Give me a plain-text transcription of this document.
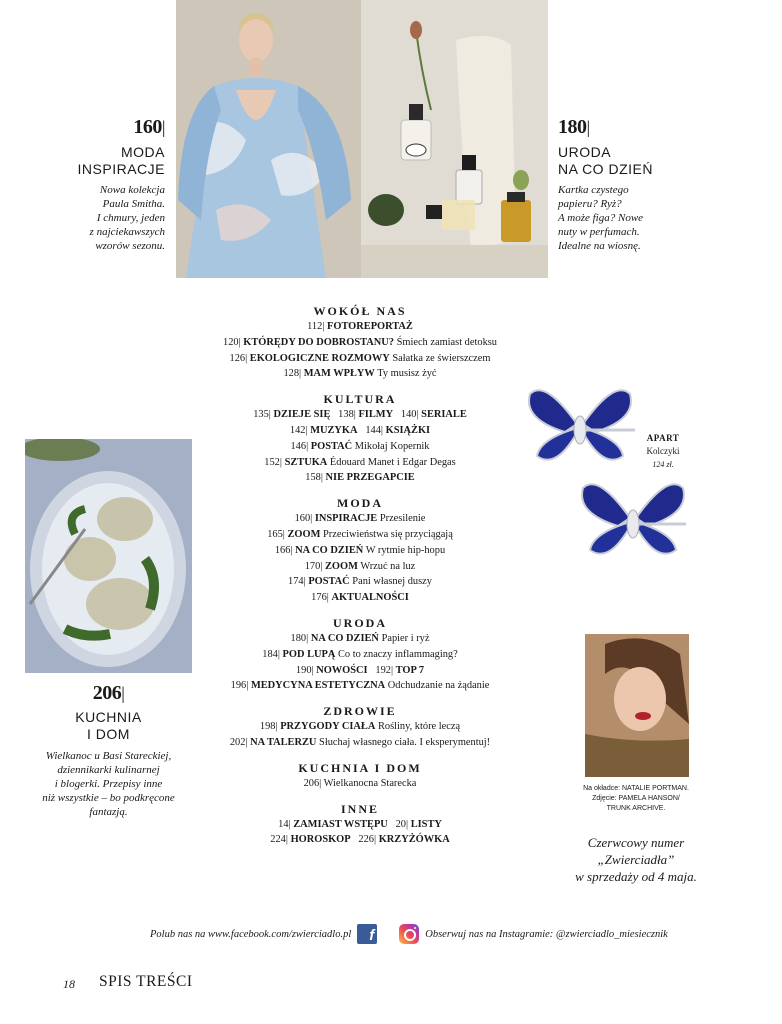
160|
MODA
INSPIRACJE
Nowa kolekcja
Paula Smitha.
I chmury, jeden
z najciekawszych
wzorów sezonu.
180|
URODA
NA CO DZIEŃ
Kartka czystego
papieru? Ryż?
A może figa? Nowe
nuty w perfumach.
Idealne na wiosnę.
206|
KUCHNIA
I DOM
Wielkanoc u Basi Stareckiej,
dziennikarki kulinarnej
i blogerki. Przepisy inne
niż wszystkie – bo podkręcone
fantazją.
WOKÓŁ NAS
112| FOTOREPORTAŻ
120| KTÓRĘDY DO DOBROSTANU? Śmiech zamiast detoksu
126| EKOLOGICZNE ROZMOWY Sałatka ze świerszczem
128| MAM WPŁYW Ty musisz żyć
KULTURA
135| DZIEJE SIĘ 138| FILMY 140| SERIALE
142| MUZYKA 144| KSIĄŻKI
146| POSTAĆ Mikołaj Kopernik
152| SZTUKA Édouard Manet i Edgar Degas
158| NIE PRZEGAPCIE
MODA
160| INSPIRACJE Przesilenie
165| ZOOM Przeciwieństwa się przyciągają
166| NA CO DZIEŃ W rytmie hip-hopu
170| ZOOM Wrzuć na luz
174| POSTAĆ Pani własnej duszy
176| AKTUALNOŚCI
URODA
180| NA CO DZIEŃ Papier i ryż
184| POD LUPĄ Co to znaczy inflammaging?
190| NOWOŚCI 192| TOP 7
196| MEDYCYNA ESTETYCZNA Odchudzanie na żądanie
ZDROWIE
198| PRZYGODY CIAŁA Rośliny, które leczą
202| NA TALERZU Słuchaj własnego ciała. I eksperymentuj!
KUCHNIA I DOM
206| Wielkanocna Starecka
INNE
14| ZAMIAST WSTĘPU 20| LISTY
224| HOROSKOP 226| KRZYŻÓWKA
APART
Kolczyki
124 zł.
Na okładce: NATALIE PORTMAN.
Zdjęcie: PAMELA HANSON/
TRUNK ARCHIVE.
Czerwcowy numer
„Zwierciadła”
w sprzedaży od 4 maja.
Polub nas na www.facebook.com/zwierciadlo.pl	f	Obserwuj nas na Instagramie: @zwierciadlo_miesiecznik
18 SPIS TREŚCI
